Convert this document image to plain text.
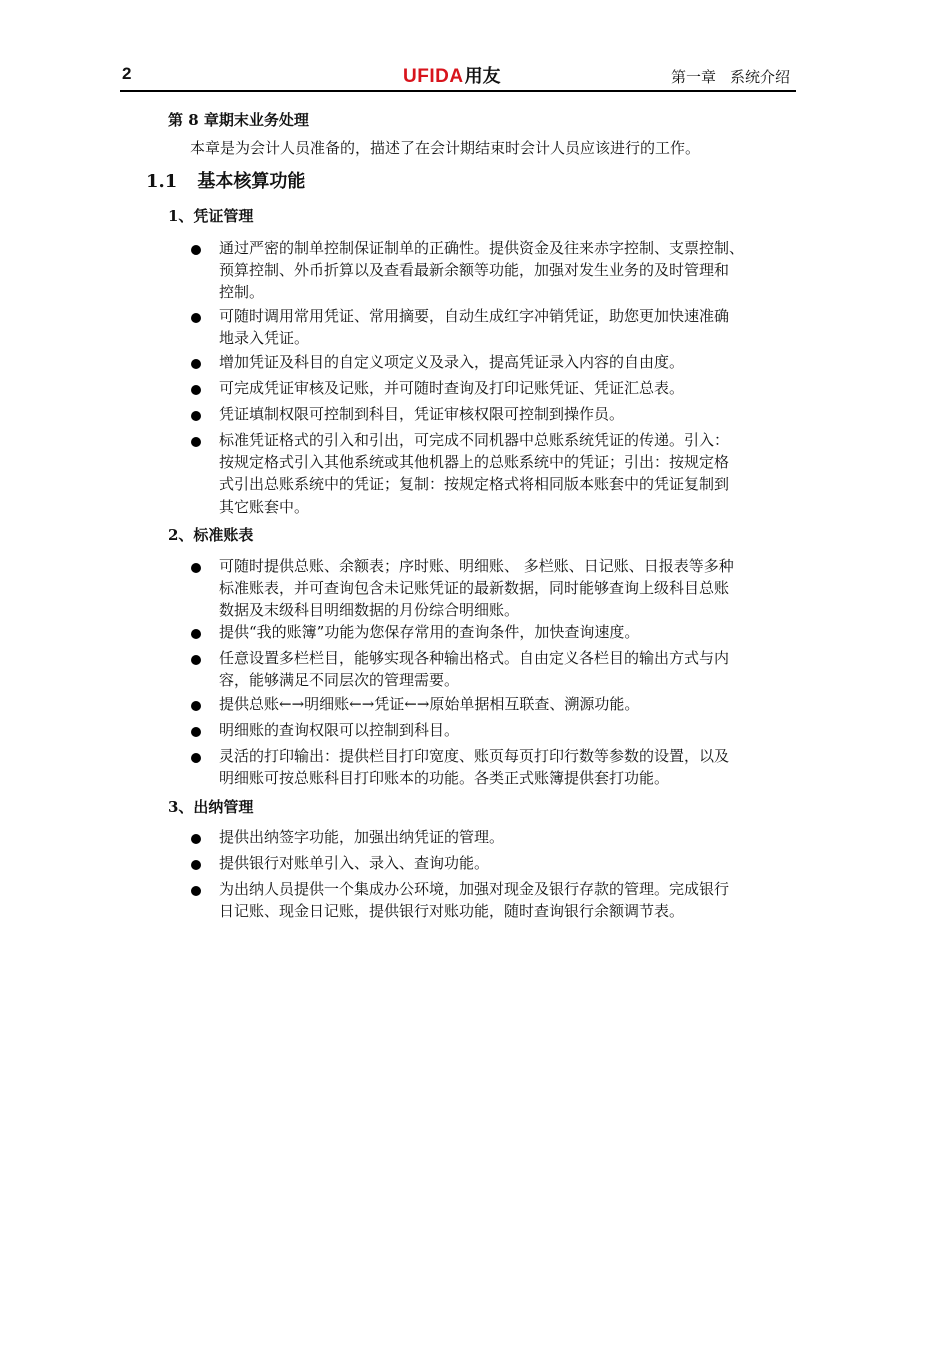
2	UFIDA用友	第一章 系统介绍
第 8 章期末业务处理
本章是为会计人员准备的，描述了在会计期结束时会计人员应该进行的工作。
1.1 基本核算功能
1、凭证管理
通过严密的制单控制保证制单的正确性。提供资金及往来赤字控制、支票控制、
预算控制、外币折算以及查看最新余额等功能，加强对发生业务的及时管理和
控制。
可随时调用常用凭证、常用摘要，自动生成红字冲销凭证，助您更加快速准确
地录入凭证。
增加凭证及科目的自定义项定义及录入，提高凭证录入内容的自由度。
可完成凭证审核及记账，并可随时查询及打印记账凭证、凭证汇总表。
凭证填制权限可控制到科目，凭证审核权限可控制到操作员。
标准凭证格式的引入和引出，可完成不同机器中总账系统凭证的传递。引入：
按规定格式引入其他系统或其他机器上的总账系统中的凭证；引出：按规定格
式引出总账系统中的凭证；复制：按规定格式将相同版本账套中的凭证复制到
其它账套中。
2、标准账表
可随时提供总账、余额表；序时账、明细账、 多栏账、日记账、日报表等多种
标准账表，并可查询包含未记账凭证的最新数据，同时能够查询上级科目总账
数据及末级科目明细数据的月份综合明细账。
提供“我的账簿”功能为您保存常用的查询条件，加快查询速度。
任意设置多栏栏目，能够实现各种输出格式。自由定义各栏目的输出方式与内
容，能够满足不同层次的管理需要。
提供总账←→明细账←→凭证←→原始单据相互联查、溯源功能。
明细账的查询权限可以控制到科目。
灵活的打印输出：提供栏目打印宽度、账页每页打印行数等参数的设置，以及
明细账可按总账科目打印账本的功能。各类正式账簿提供套打功能。
3、出纳管理
提供出纳签字功能，加强出纳凭证的管理。
提供银行对账单引入、录入、查询功能。
为出纳人员提供一个集成办公环境，加强对现金及银行存款的管理。完成银行
日记账、现金日记账，提供银行对账功能，随时查询银行余额调节表。
